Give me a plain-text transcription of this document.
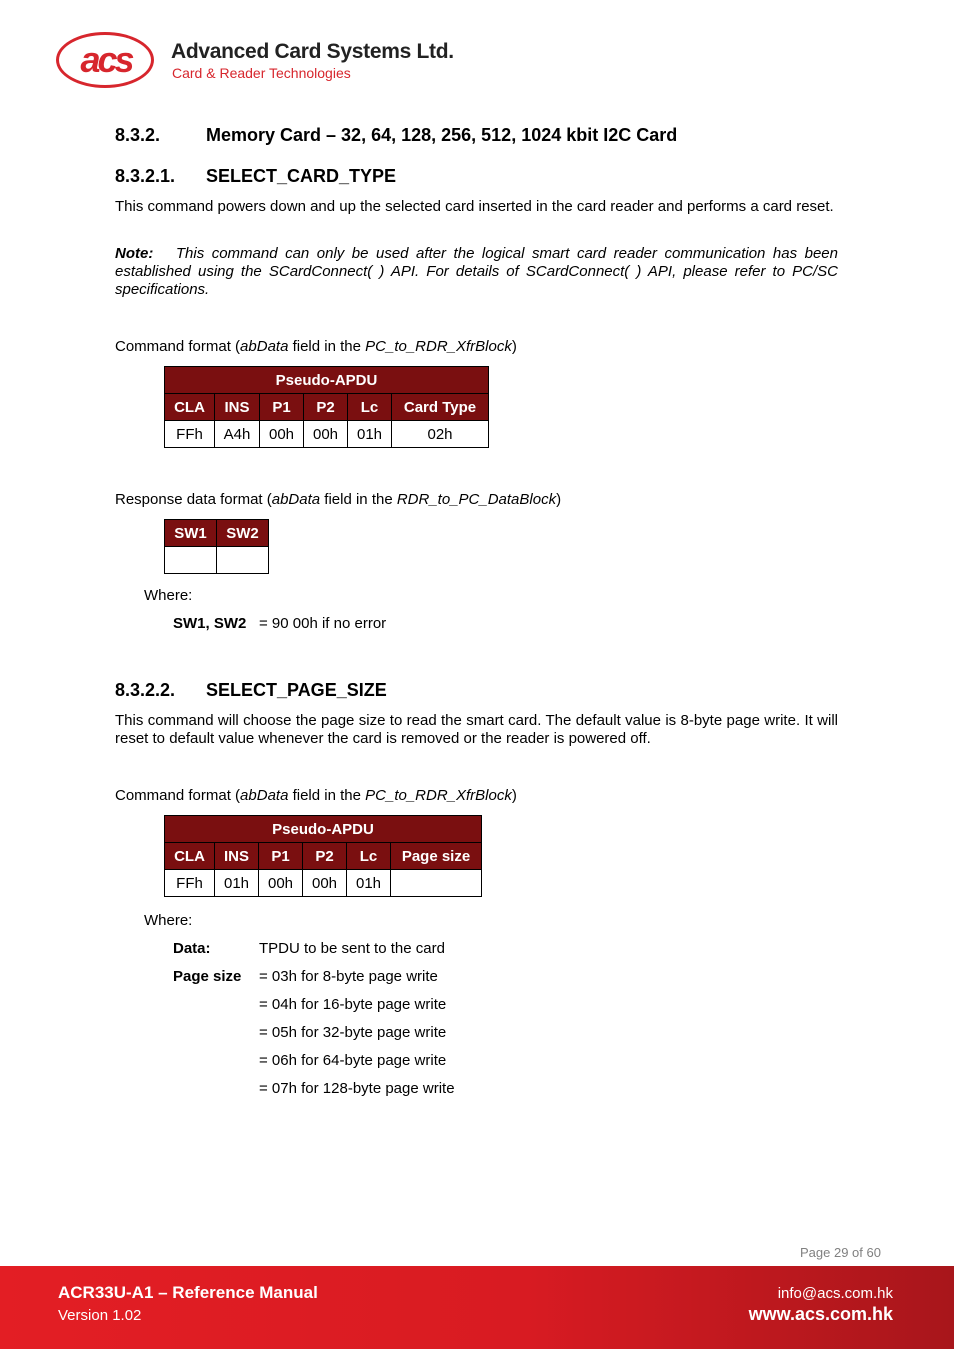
acs	Advanced Card Systems Ltd.
Card & Reader Technologies
8.3.2.	Memory Card – 32, 64, 128, 256, 512, 1024 kbit I2C Card
8.3.2.1. SELECT_CARD_TYPE
This command powers down and up the selected card inserted in the card reader and performs a card reset.
Note: This command can only be used after the logical smart card reader communication has been established using the SCardConnect( ) API. For details of SCardConnect( ) API, please refer to PC/SC specifications.
Command format (abData field in the PC_to_RDR_XfrBlock)
Pseudo-APDU					
CLA	INS	P1	P2	Lc	Card Type
FFh	A4h	00h	00h	01h	02h
Response data format (abData field in the RDR_to_PC_DataBlock)
SW1	SW2

Where:
SW1, SW2 = 90 00h if no error
8.3.2.2. SELECT_PAGE_SIZE
This command will choose the page size to read the smart card. The default value is 8-byte page write. It will reset to default value whenever the card is removed or the reader is powered off.
Command format (abData field in the PC_to_RDR_XfrBlock)
Pseudo-APDU					
CLA	INS	P1	P2	Lc	Page size
FFh	01h	00h	00h	01h	
Where:
Data:	TPDU to be sent to the card
Page size = 03h for 8-byte page write
= 04h for 16-byte page write
= 05h for 32-byte page write
= 06h for 64-byte page write
= 07h for 128-byte page write
Page 29 of 60
ACR33U-A1 – Reference Manual
Version 1.02
info@acs.com.hk
www.acs.com.hk
